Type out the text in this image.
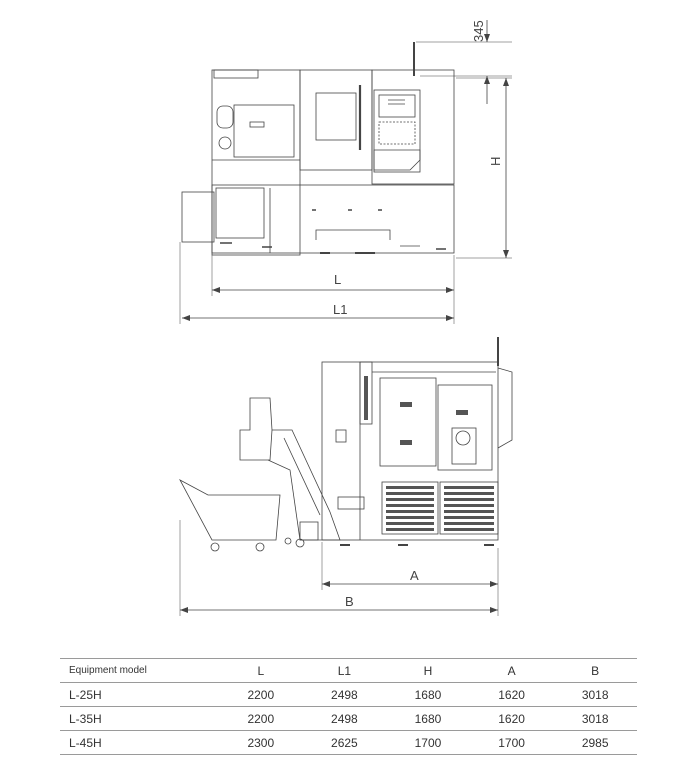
345
H
L
L1
A
B
Equipment model	L	L1	H	A	B
L-25H	2200	2498	1680	1620	3018
L-35H	2200	2498	1680	1620	3018
L-45H	2300	2625	1700	1700	2985
